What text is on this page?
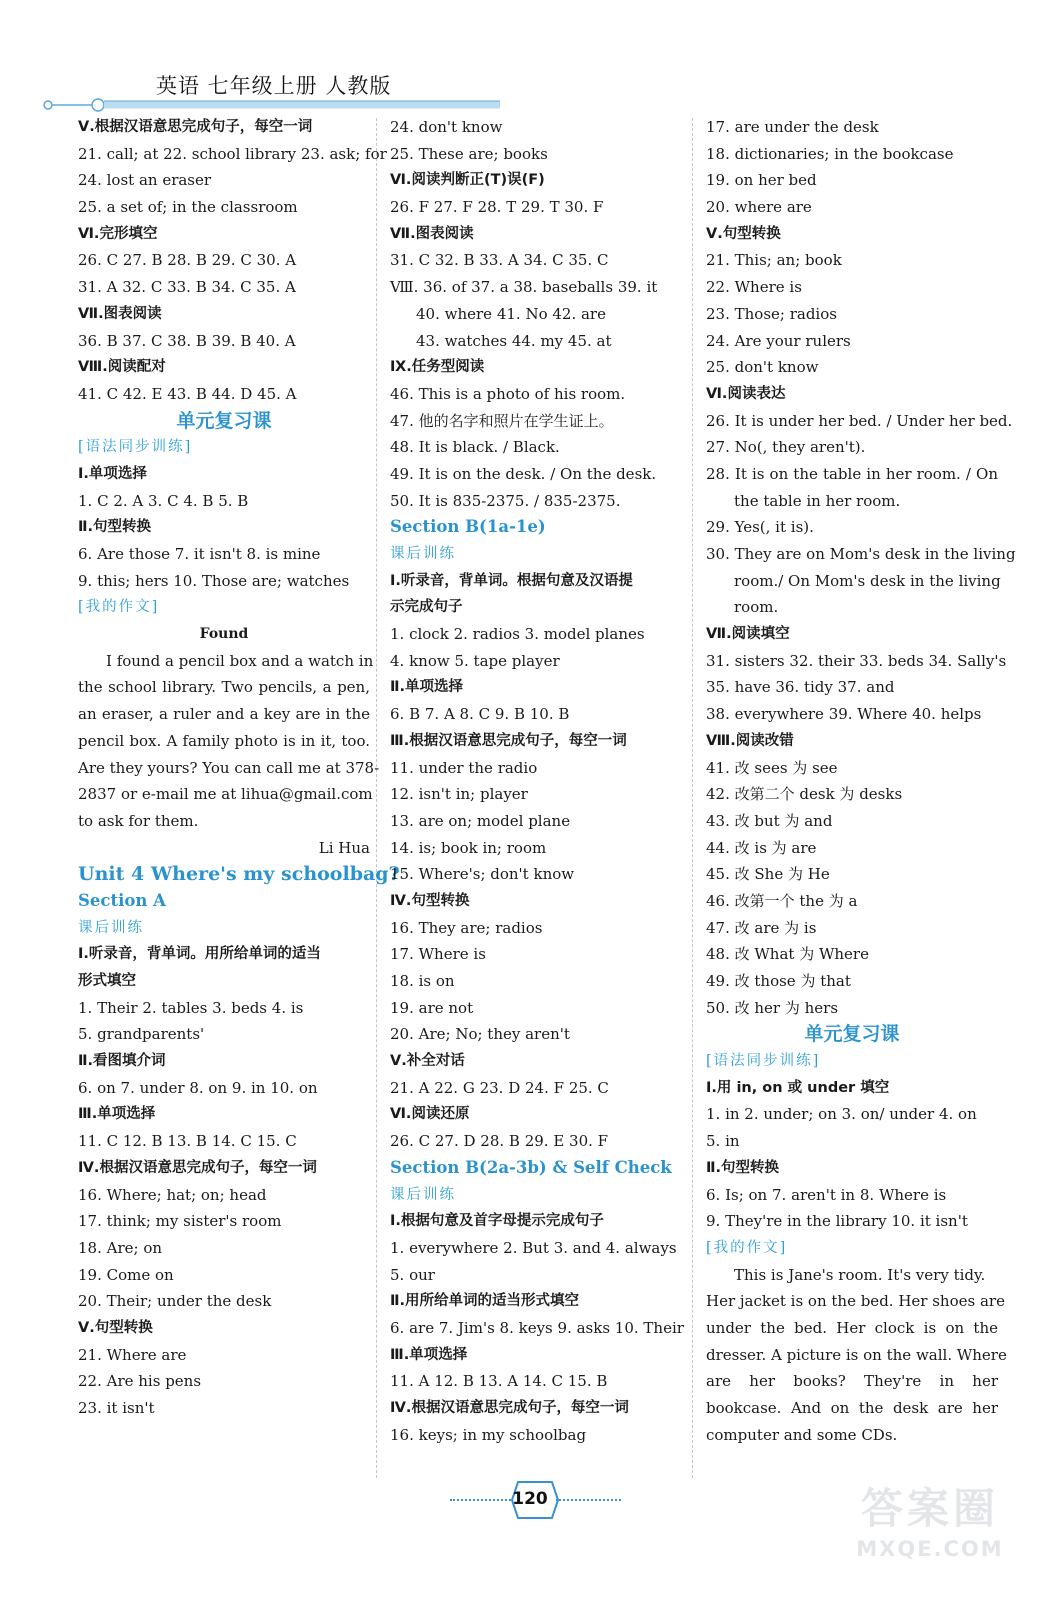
英语 七年级上册 人教版
Ⅴ.根据汉语意思完成句子，每空一词
21. call; at 22. school library 23. ask; for
24. lost an eraser
25. a set of; in the classroom
Ⅵ.完形填空
26. C 27. B 28. B 29. C 30. A
31. A 32. C 33. B 34. C 35. A
Ⅶ.图表阅读
36. B 37. C 38. B 39. B 40. A
Ⅷ.阅读配对
41. C 42. E 43. B 44. D 45. A
单元复习课
[语法同步训练]
Ⅰ.单项选择
1. C 2. A 3. C 4. B 5. B
Ⅱ.句型转换
6. Are those 7. it isn't 8. is mine
9. this; hers 10. Those are; watches
[我的作文]
Found
I found a pencil box and a watch in
the school library. Two pencils, a pen,
an eraser, a ruler and a key are in the
pencil box. A family photo is in it, too.
Are they yours? You can call me at 378-
2837 or e-mail me at lihua@gmail.com
to ask for them.
Li Hua
Unit 4 Where's my schoolbag?
Section A
课后训练
Ⅰ.听录音，背单词。用所给单词的适当
形式填空
1. Their 2. tables 3. beds 4. is
5. grandparents'
Ⅱ.看图填介词
6. on 7. under 8. on 9. in 10. on
Ⅲ.单项选择
11. C 12. B 13. B 14. C 15. C
Ⅳ.根据汉语意思完成句子，每空一词
16. Where; hat; on; head
17. think; my sister's room
18. Are; on
19. Come on
20. Their; under the desk
Ⅴ.句型转换
21. Where are
22. Are his pens
23. it isn't
24. don't know
25. These are; books
Ⅵ.阅读判断正(T)误(F)
26. F 27. F 28. T 29. T 30. F
Ⅶ.图表阅读
31. C 32. B 33. A 34. C 35. C
Ⅷ. 36. of 37. a 38. baseballs 39. it
40. where 41. No 42. are
43. watches 44. my 45. at
Ⅸ.任务型阅读
46. This is a photo of his room.
47. 他的名字和照片在学生证上。
48. It is black. / Black.
49. It is on the desk. / On the desk.
50. It is 835-2375. / 835-2375.
Section B(1a-1e)
课后训练
Ⅰ.听录音，背单词。根据句意及汉语提
示完成句子
1. clock 2. radios 3. model planes
4. know 5. tape player
Ⅱ.单项选择
6. B 7. A 8. C 9. B 10. B
Ⅲ.根据汉语意思完成句子，每空一词
11. under the radio
12. isn't in; player
13. are on; model plane
14. is; book in; room
15. Where's; don't know
Ⅳ.句型转换
16. They are; radios
17. Where is
18. is on
19. are not
20. Are; No; they aren't
Ⅴ.补全对话
21. A 22. G 23. D 24. F 25. C
Ⅵ.阅读还原
26. C 27. D 28. B 29. E 30. F
Section B(2a-3b) & Self Check
课后训练
Ⅰ.根据句意及首字母提示完成句子
1. everywhere 2. But 3. and 4. always
5. our
Ⅱ.用所给单词的适当形式填空
6. are 7. Jim's 8. keys 9. asks 10. Their
Ⅲ.单项选择
11. A 12. B 13. A 14. C 15. B
Ⅳ.根据汉语意思完成句子，每空一词
16. keys; in my schoolbag
17. are under the desk
18. dictionaries; in the bookcase
19. on her bed
20. where are
Ⅴ.句型转换
21. This; an; book
22. Where is
23. Those; radios
24. Are your rulers
25. don't know
Ⅵ.阅读表达
26. It is under her bed. / Under her bed.
27. No(, they aren't).
28. It is on the table in her room. / On
the table in her room.
29. Yes(, it is).
30. They are on Mom's desk in the living
room./ On Mom's desk in the living
room.
Ⅶ.阅读填空
31. sisters 32. their 33. beds 34. Sally's
35. have 36. tidy 37. and
38. everywhere 39. Where 40. helps
Ⅷ.阅读改错
41. 改 sees 为 see
42. 改第二个 desk 为 desks
43. 改 but 为 and
44. 改 is 为 are
45. 改 She 为 He
46. 改第一个 the 为 a
47. 改 are 为 is
48. 改 What 为 Where
49. 改 those 为 that
50. 改 her 为 hers
单元复习课
[语法同步训练]
Ⅰ.用 in, on 或 under 填空
1. in 2. under; on 3. on/ under 4. on
5. in
Ⅱ.句型转换
6. Is; on 7. aren't in 8. Where is
9. They're in the library 10. it isn't
[我的作文]
This is Jane's room. It's very tidy.
Her jacket is on the bed. Her shoes are
under the bed. Her clock is on the
dresser. A picture is on the wall. Where
are her books? They're in her
bookcase. And on the desk are her
computer and some CDs.
120	答案圈
MXQE.COM
